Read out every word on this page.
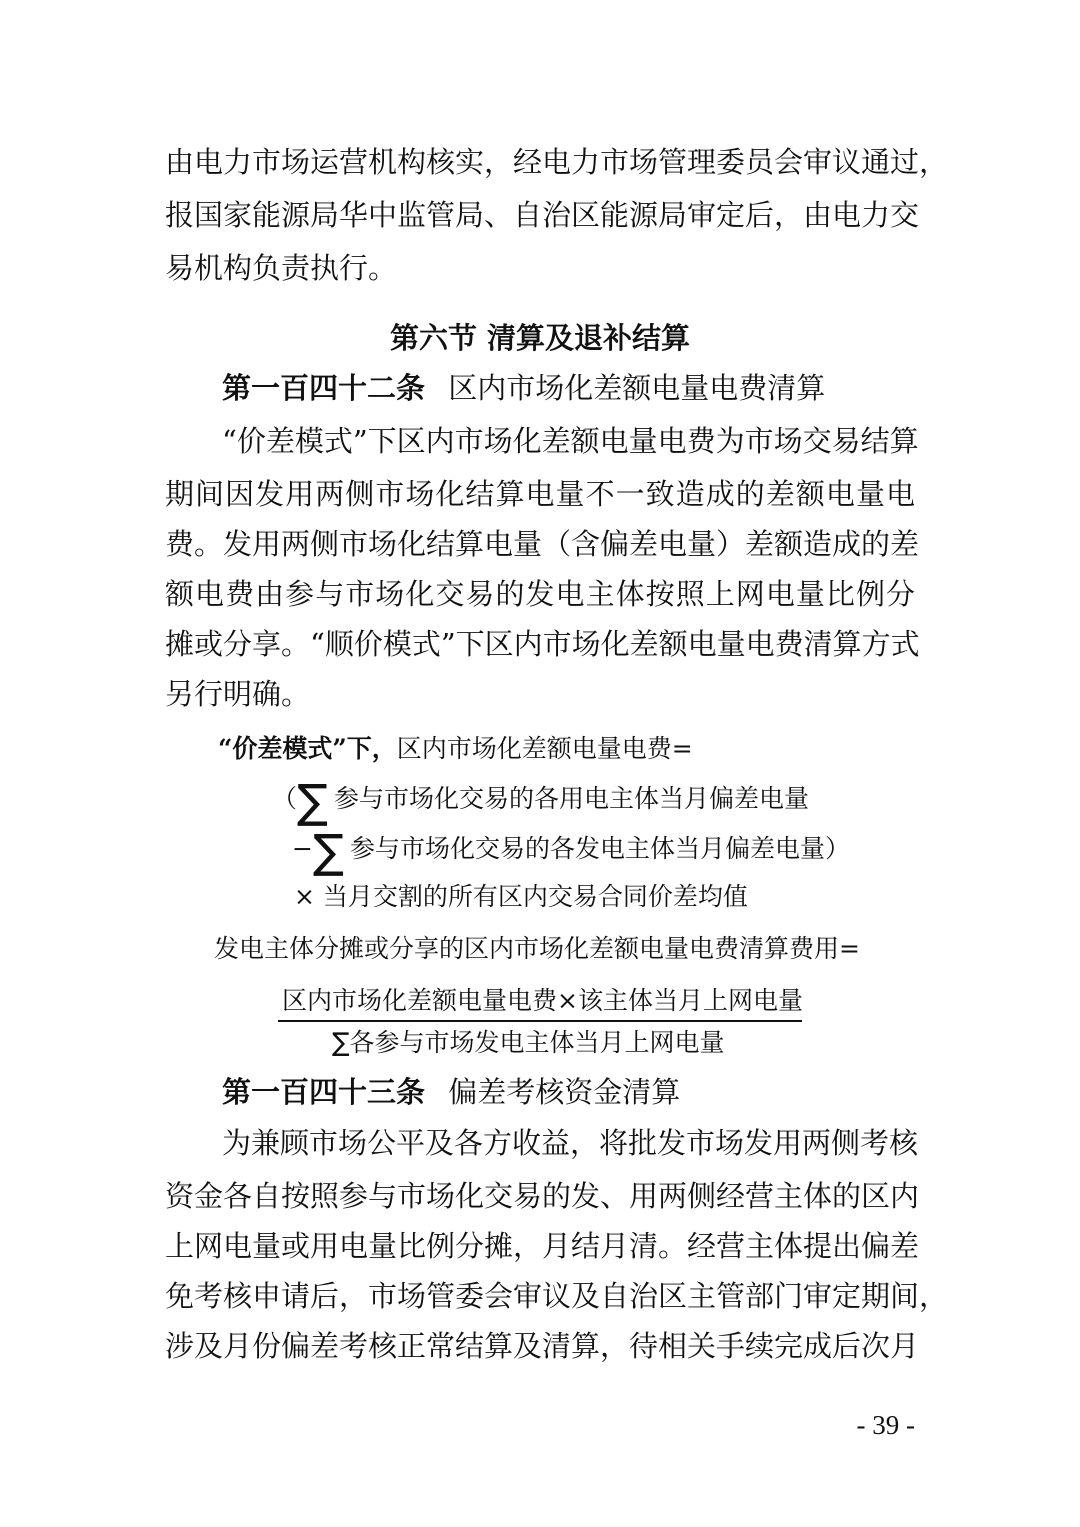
由电力市场运营机构核实，经电力市场管理委员会审议通过，
报国家能源局华中监管局、自治区能源局审定后，由电力交
易机构负责执行。
第六节 清算及退补结算
第一百四十二条 区内市场化差额电量电费清算
“价差模式”下区内市场化差额电量电费为市场交易结算
期间因发用两侧市场化结算电量不一致造成的差额电量电
费。发用两侧市场化结算电量（含偏差电量）差额造成的差
额电费由参与市场化交易的发电主体按照上网电量比例分
摊或分享。“顺价模式”下区内市场化差额电量电费清算方式
另行明确。
“价差模式”下，区内市场化差额电量电费=
（∑ 参与市场化交易的各用电主体当月偏差电量
−∑ 参与市场化交易的各发电主体当月偏差电量）
× 当月交割的所有区内交易合同价差均值
发电主体分摊或分享的区内市场化差额电量电费清算费用=
区内市场化差额电量电费×该主体当月上网电量
∑各参与市场发电主体当月上网电量
第一百四十三条 偏差考核资金清算
为兼顾市场公平及各方收益，将批发市场发用两侧考核
资金各自按照参与市场化交易的发、用两侧经营主体的区内
上网电量或用电量比例分摊，月结月清。经营主体提出偏差
免考核申请后，市场管委会审议及自治区主管部门审定期间，
涉及月份偏差考核正常结算及清算，待相关手续完成后次月
- 39 -
